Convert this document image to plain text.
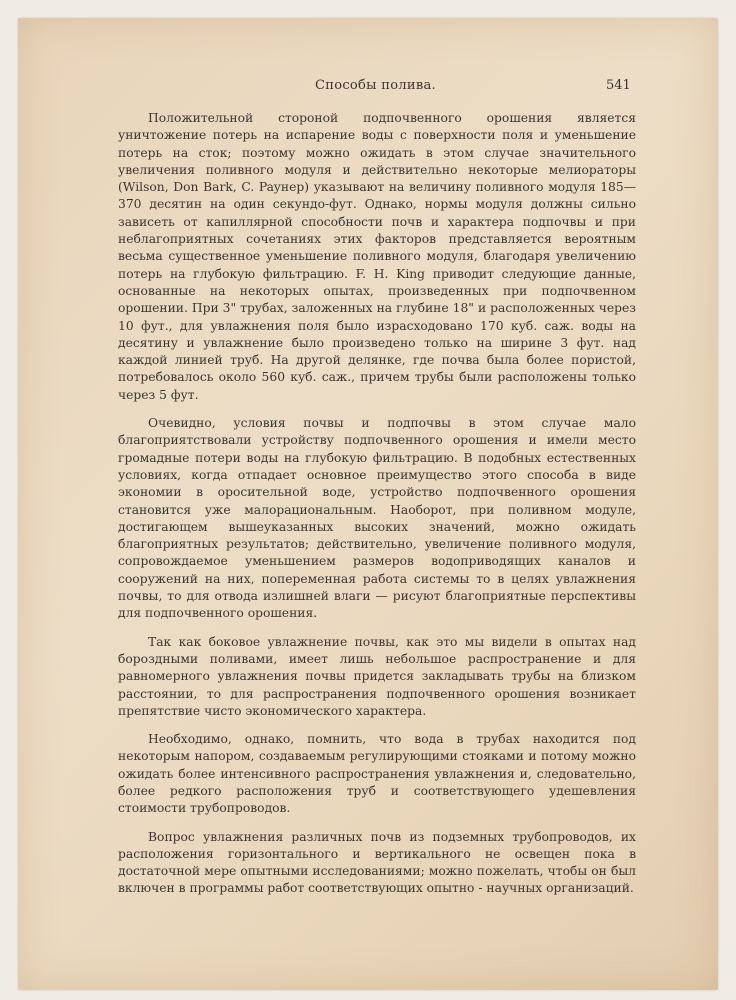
Способы полива.	541

Положительной стороной подпочвенного орошения является уничтожение потерь на испарение воды с поверхности поля и уменьшение потерь на сток; поэтому можно ожидать в этом случае значительного увеличения поливного модуля и действительно некоторые мелиораторы (Wilson, Don Bark, C. Payнер) указывают на величину поливного модуля 185—370 десятин на один секундо-фут. Однако, нормы модуля должны сильно зависеть от капиллярной способности почв и характера подпочвы и при неблагоприятных сочетаниях этих факторов представляется вероятным весьма существенное уменьшение поливного модуля, благодаря увеличению потерь на глубокую фильтрацию. F. H. King приводит следующие данные, основанные на некоторых опытах, произведенных при подпочвенном орошении. При 3" трубах, заложенных на глубине 18" и расположенных через 10 фут., для увлажнения поля было израсходовано 170 куб. саж. воды на десятину и увлажнение было произведено только на ширине 3 фут. над каждой линией труб. На другой делянке, где почва была более пористой, потребовалось около 560 куб. саж., причем трубы были расположены только через 5 фут.

Очевидно, условия почвы и подпочвы в этом случае мало благоприятствовали устройству подпочвенного орошения и имели место громадные потери воды на глубокую фильтрацию. В подобных естественных условиях, когда отпадает основное преимущество этого способа в виде экономии в оросительной воде, устройство подпочвенного орошения становится уже малорациональным. Наоборот, при поливном модуле, достигающем вышеуказанных высоких значений, можно ожидать благоприятных результатов; действительно, увеличение поливного модуля, сопровождаемое уменьшением размеров водоприводящих каналов и сооружений на них, попеременная работа системы то в целях увлажнения почвы, то для отвода излишней влаги — рисуют благоприятные перспективы для подпочвенного орошения.

Так как боковое увлажнение почвы, как это мы видели в опытах над бороздными поливами, имеет лишь небольшое распространение и для равномерного увлажнения почвы придется закладывать трубы на близком расстоянии, то для распространения подпочвенного орошения возникает препятствие чисто экономического характера.

Необходимо, однако, помнить, что вода в трубах находится под некоторым напором, создаваемым регулирующими стояками и потому можно ожидать более интенсивного распространения увлажнения и, следовательно, более редкого расположения труб и соответствующего удешевления стоимости трубопроводов.

Вопрос увлажнения различных почв из подземных трубопроводов, их расположения горизонтального и вертикального не освещен пока в достаточной мере опытными исследованиями; можно пожелать, чтобы он был включен в программы работ соответствующих опытно - научных организаций.
